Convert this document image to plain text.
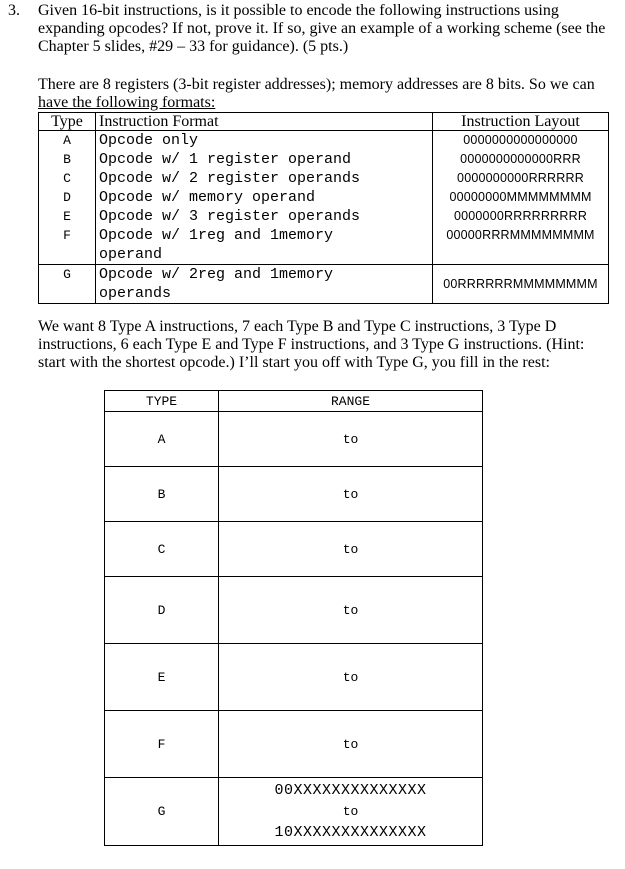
3. Given 16-bit instructions, is it possible to encode the following instructions using expanding opcodes? If not, prove it. If so, give an example of a working scheme (see the Chapter 5 slides, #29 – 33 for guidance). (5 pts.)
There are 8 registers (3-bit register addresses); memory addresses are 8 bits. So we can
have the following formats:
Type	Instruction Format	Instruction Layout
A	Opcode only	0000000000000000
B	Opcode w/ 1 register operand	0000000000000RRR
C	Opcode w/ 2 register operands	0000000000RRRRRR
D	Opcode w/ memory operand	00000000MMMMMMMM
E	Opcode w/ 3 register operands	0000000RRRRRRRRR
F	Opcode w/ 1reg and 1memory
operand	00000RRRMMMMMMMM
G	Opcode w/ 2reg and 1memory
operands	00RRRRRRMMMMMMMM
We want 8 Type A instructions, 7 each Type B and Type C instructions, 3 Type D
instructions, 6 each Type E and Type F instructions, and 3 Type G instructions. (Hint:
start with the shortest opcode.) I’ll start you off with Type G, you fill in the rest:
TYPE	RANGE
A	to
B	to
C	to
D	to
E	to
F	to
G	00XXXXXXXXXXXXXX
to
10XXXXXXXXXXXXXX
